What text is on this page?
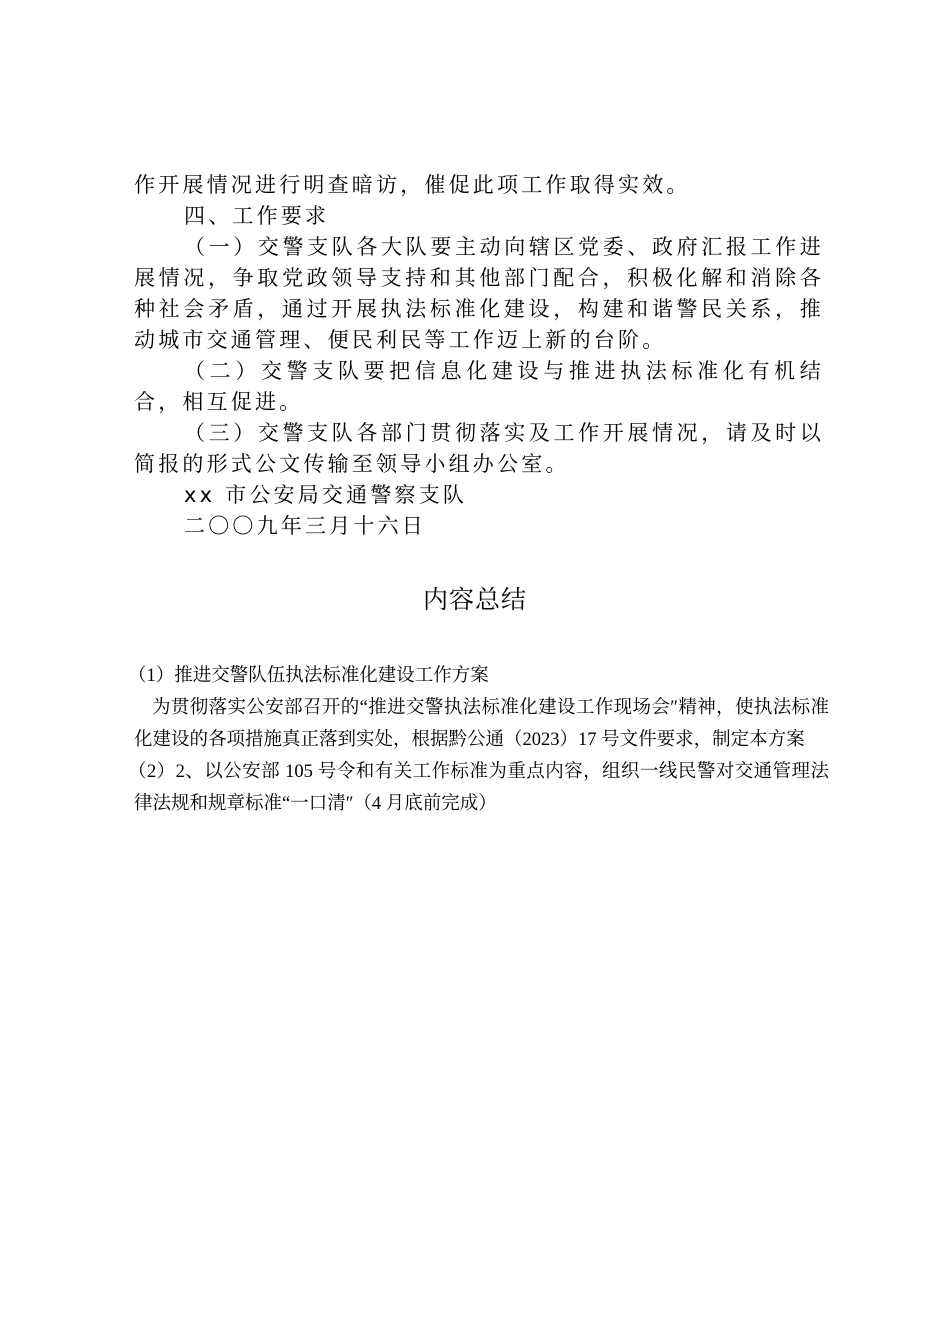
作开展情况进行明查暗访，催促此项工作取得实效。

四、工作要求

（一）交警支队各大队要主动向辖区党委、政府汇报工作进展情况，争取党政领导支持和其他部门配合，积极化解和消除各种社会矛盾，通过开展执法标准化建设，构建和谐警民关系，推动城市交通管理、便民利民等工作迈上新的台阶。

（二）交警支队要把信息化建设与推进执法标准化有机结合，相互促进。

（三）交警支队各部门贯彻落实及工作开展情况，请及时以简报的形式公文传输至领导小组办公室。

xx 市公安局交通警察支队

二〇〇九年三月十六日

内容总结

（1）推进交警队伍执法标准化建设工作方案

为贯彻落实公安部召开的“推进交警执法标准化建设工作现场会″精神，使执法标准化建设的各项措施真正落到实处，根据黔公通（2023）17 号文件要求，制定本方案

（2）2、以公安部 105 号令和有关工作标准为重点内容，组织一线民警对交通管理法律法规和规章标准“一口清″（4 月底前完成）
